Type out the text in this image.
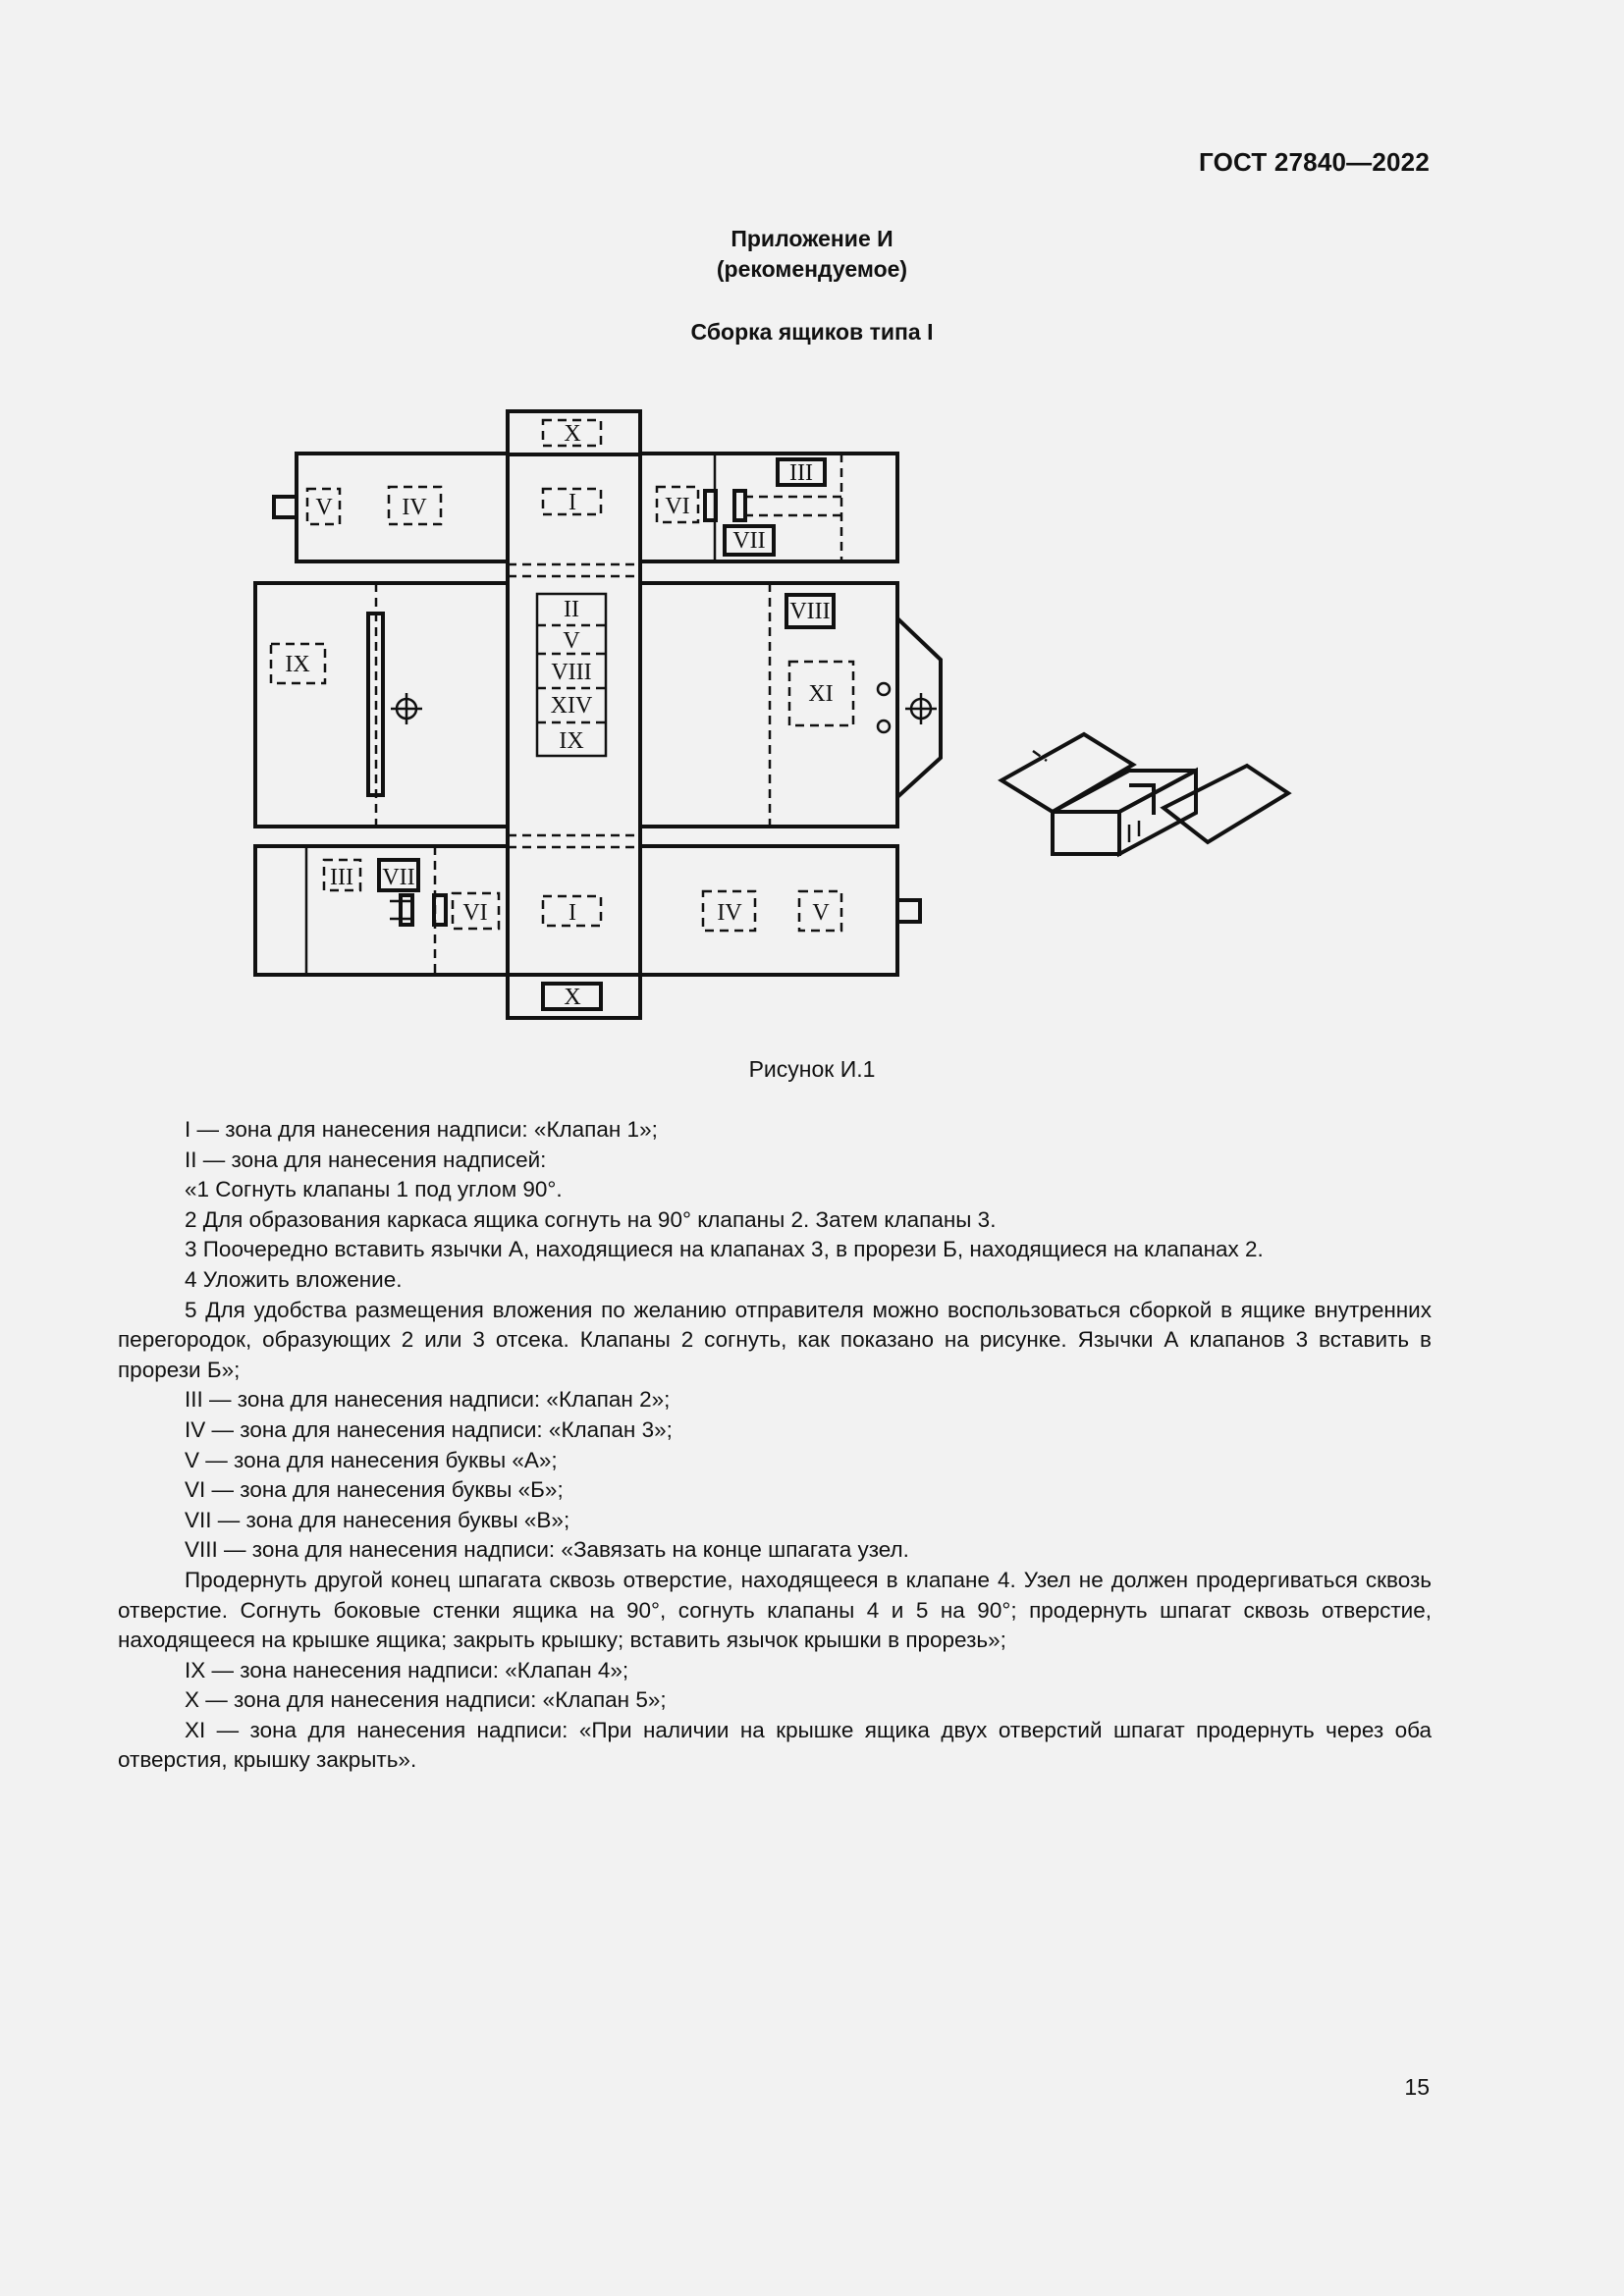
ГОСТ 27840—2022
Приложение И
(рекомендуемое)
Сборка ящиков типа I
X
I
V	IV	VI
III
VII
II
V
VIII
XIV
IX
IX
VIII
XI
III VII
VI	I	IV	V
X
Рисунок И.1

I — зона для нанесения надписи: «Клапан 1»;

II — зона для нанесения надписей:

«1 Согнуть клапаны 1 под углом 90°.

2 Для образования каркаса ящика согнуть на 90° клапаны 2. Затем клапаны 3.

3 Поочередно вставить язычки А, находящиеся на клапанах 3, в прорези Б, находящиеся на клапанах 2.

4 Уложить вложение.

5 Для удобства размещения вложения по желанию отправителя можно воспользоваться сборкой в ящике внутренних перегородок, образующих 2 или 3 отсека. Клапаны 2 согнуть, как показано на рисунке. Язычки А клапанов 3 вставить в прорези Б»;

III — зона для нанесения надписи: «Клапан 2»;

IV — зона для нанесения надписи: «Клапан 3»;

V — зона для нанесения буквы «А»;

VI — зона для нанесения буквы «Б»;

VII — зона для нанесения буквы «В»;

VIII — зона для нанесения надписи: «Завязать на конце шпагата узел.

Продернуть другой конец шпагата сквозь отверстие, находящееся в клапане 4. Узел не должен продергиваться сквозь отверстие. Согнуть боковые стенки ящика на 90°, согнуть клапаны 4 и 5 на 90°; продернуть шпагат сквозь отверстие, находящееся на крышке ящика; закрыть крышку; вставить язычок крышки в прорезь»;

IX — зона нанесения надписи: «Клапан 4»;

X — зона для нанесения надписи: «Клапан 5»;

XI — зона для нанесения надписи: «При наличии на крышке ящика двух отверстий шпагат продернуть через оба отверстия, крышку закрыть».

15
